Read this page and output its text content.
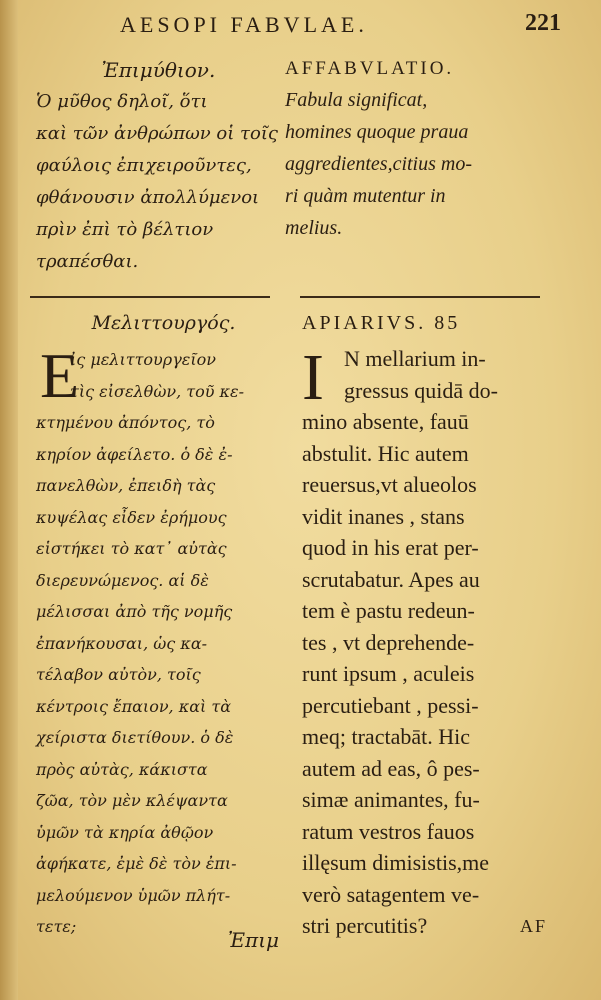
AESOPI FABVLAE.	221
Ἐπιμύθιον.
Ὁ μῦθος δηλοῖ, ὅτι
καὶ τῶν ἀνθρώπων οἱ τοῖς
φαύλοις ἐπιχειροῦντες,
φθάνουσιν ἀπολλύμενοι
πρὶν ἐπὶ τὸ βέλτιον
τραπέσθαι.
AFFABVLATIO.
Fabula significat,
homines quoque praua
aggredientes,citius mo-
ri quàm mutentur in
melius.
Μελιττουργός.
E
ἰς μελιττουργεῖον
τὶς εἰσελθὼν, τοῦ κε-
κτημένου ἀπόντος, τὸ
κηρίον ἀφείλετο. ὁ δὲ ἐ-
πανελθὼν, ἐπειδὴ τὰς
κυψέλας εἶδεν ἐρήμους
εἱστήκει τὸ κατ᾽ αὐτὰς
διερευνώμενος. αἱ δὲ
μέλισσαι ἀπὸ τῆς νομῆς
ἐπανήκουσαι, ὡς κα-
τέλαβον αὐτὸν, τοῖς
κέντροις ἔπαιον, καὶ τὰ
χείριστα διετίθουν. ὁ δὲ
πρὸς αὐτὰς, κάκιστα
ζῶα, τὸν μὲν κλέψαντα
ὑμῶν τὰ κηρία ἀθῷον
ἀφήκατε, ἐμὲ δὲ τὸν ἐπι-
μελούμενον ὑμῶν πλήτ-
τετε;
APIARIVS. 85
I N mellarium in-
gressus quidā do-
mino absente, fauū
abstulit. Hic autem
reuersus,vt alueolos
vidit inanes , stans
quod in his erat per-
scrutabatur. Apes au
tem è pastu redeun-
tes , vt deprehende-
runt ipsum , aculeis
percutiebant , pessi-
meq; tractabāt. Hic
autem ad eas, ô pes-
simæ animantes, fu-
ratum vestros fauos
illęsum dimisistis,me
verò satagentem ve-
stri percutitis?
Ἐπιμ
AF
